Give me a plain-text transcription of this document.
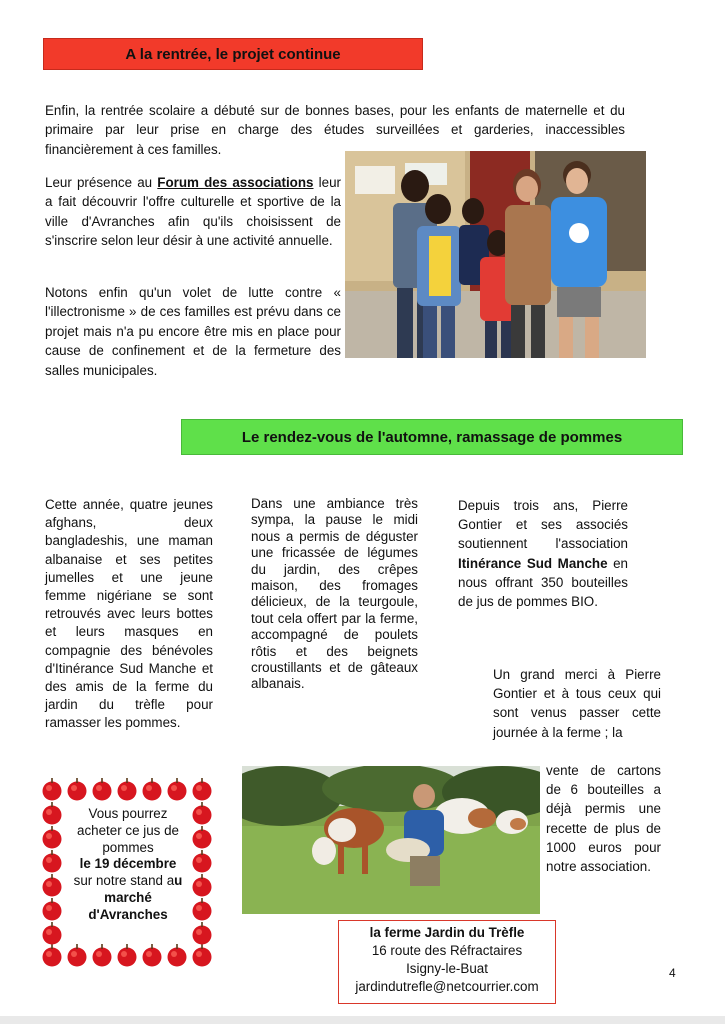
A la rentrée, le projet continue

Enfin, la rentrée scolaire a débuté sur de bonnes bases, pour les enfants de maternelle et du primaire par leur prise en charge des études surveillées et garderies, inaccessibles financièrement à ces familles.

Leur présence au Forum des associations leur a fait découvrir l'offre culturelle et sportive de la ville d'Avranches afin qu'ils choisissent de s'inscrire selon leur désir à une activité annuelle.

Notons enfin qu'un volet de lutte contre « l'illectronisme » de ces familles est prévu dans ce projet mais n'a pu encore être mis en place pour cause de confinement et de la fermeture des salles municipales.

Le rendez-vous de l'automne, ramassage de pommes

Cette année, quatre jeunes afghans, deux bangladeshis, une maman albanaise et ses petites jumelles et une jeune femme nigériane se sont retrouvés avec leurs bottes et leurs masques en compagnie des bénévoles d'Itinérance Sud Manche et des amis de la ferme du jardin du trèfle pour ramasser les pommes.

Dans une ambiance très sympa, la pause le midi nous a permis de déguster une fricassée de légumes du jardin, des crêpes maison, des fromages délicieux, de la teurgoule, tout cela offert par la ferme, accompagné de poulets rôtis et des beignets croustillants et de gâteaux albanais.

Depuis trois ans, Pierre Gontier et ses associés soutiennent l'association Itinérance Sud Manche en nous offrant 350 bouteilles de jus de pommes BIO.

Un grand merci à Pierre Gontier et à tous ceux qui sont venus passer cette journée à la ferme ; la

vente de cartons de 6 bouteilles a déjà permis une recette de plus de 1000 euros pour notre association.

Vous pourrez acheter ce jus de pommes
le 19 décembre
sur notre stand au marché d'Avranches
la ferme Jardin du Trèfle
16 route des Réfractaires
Isigny-le-Buat
jardindutrefle@netcourrier.com
4
